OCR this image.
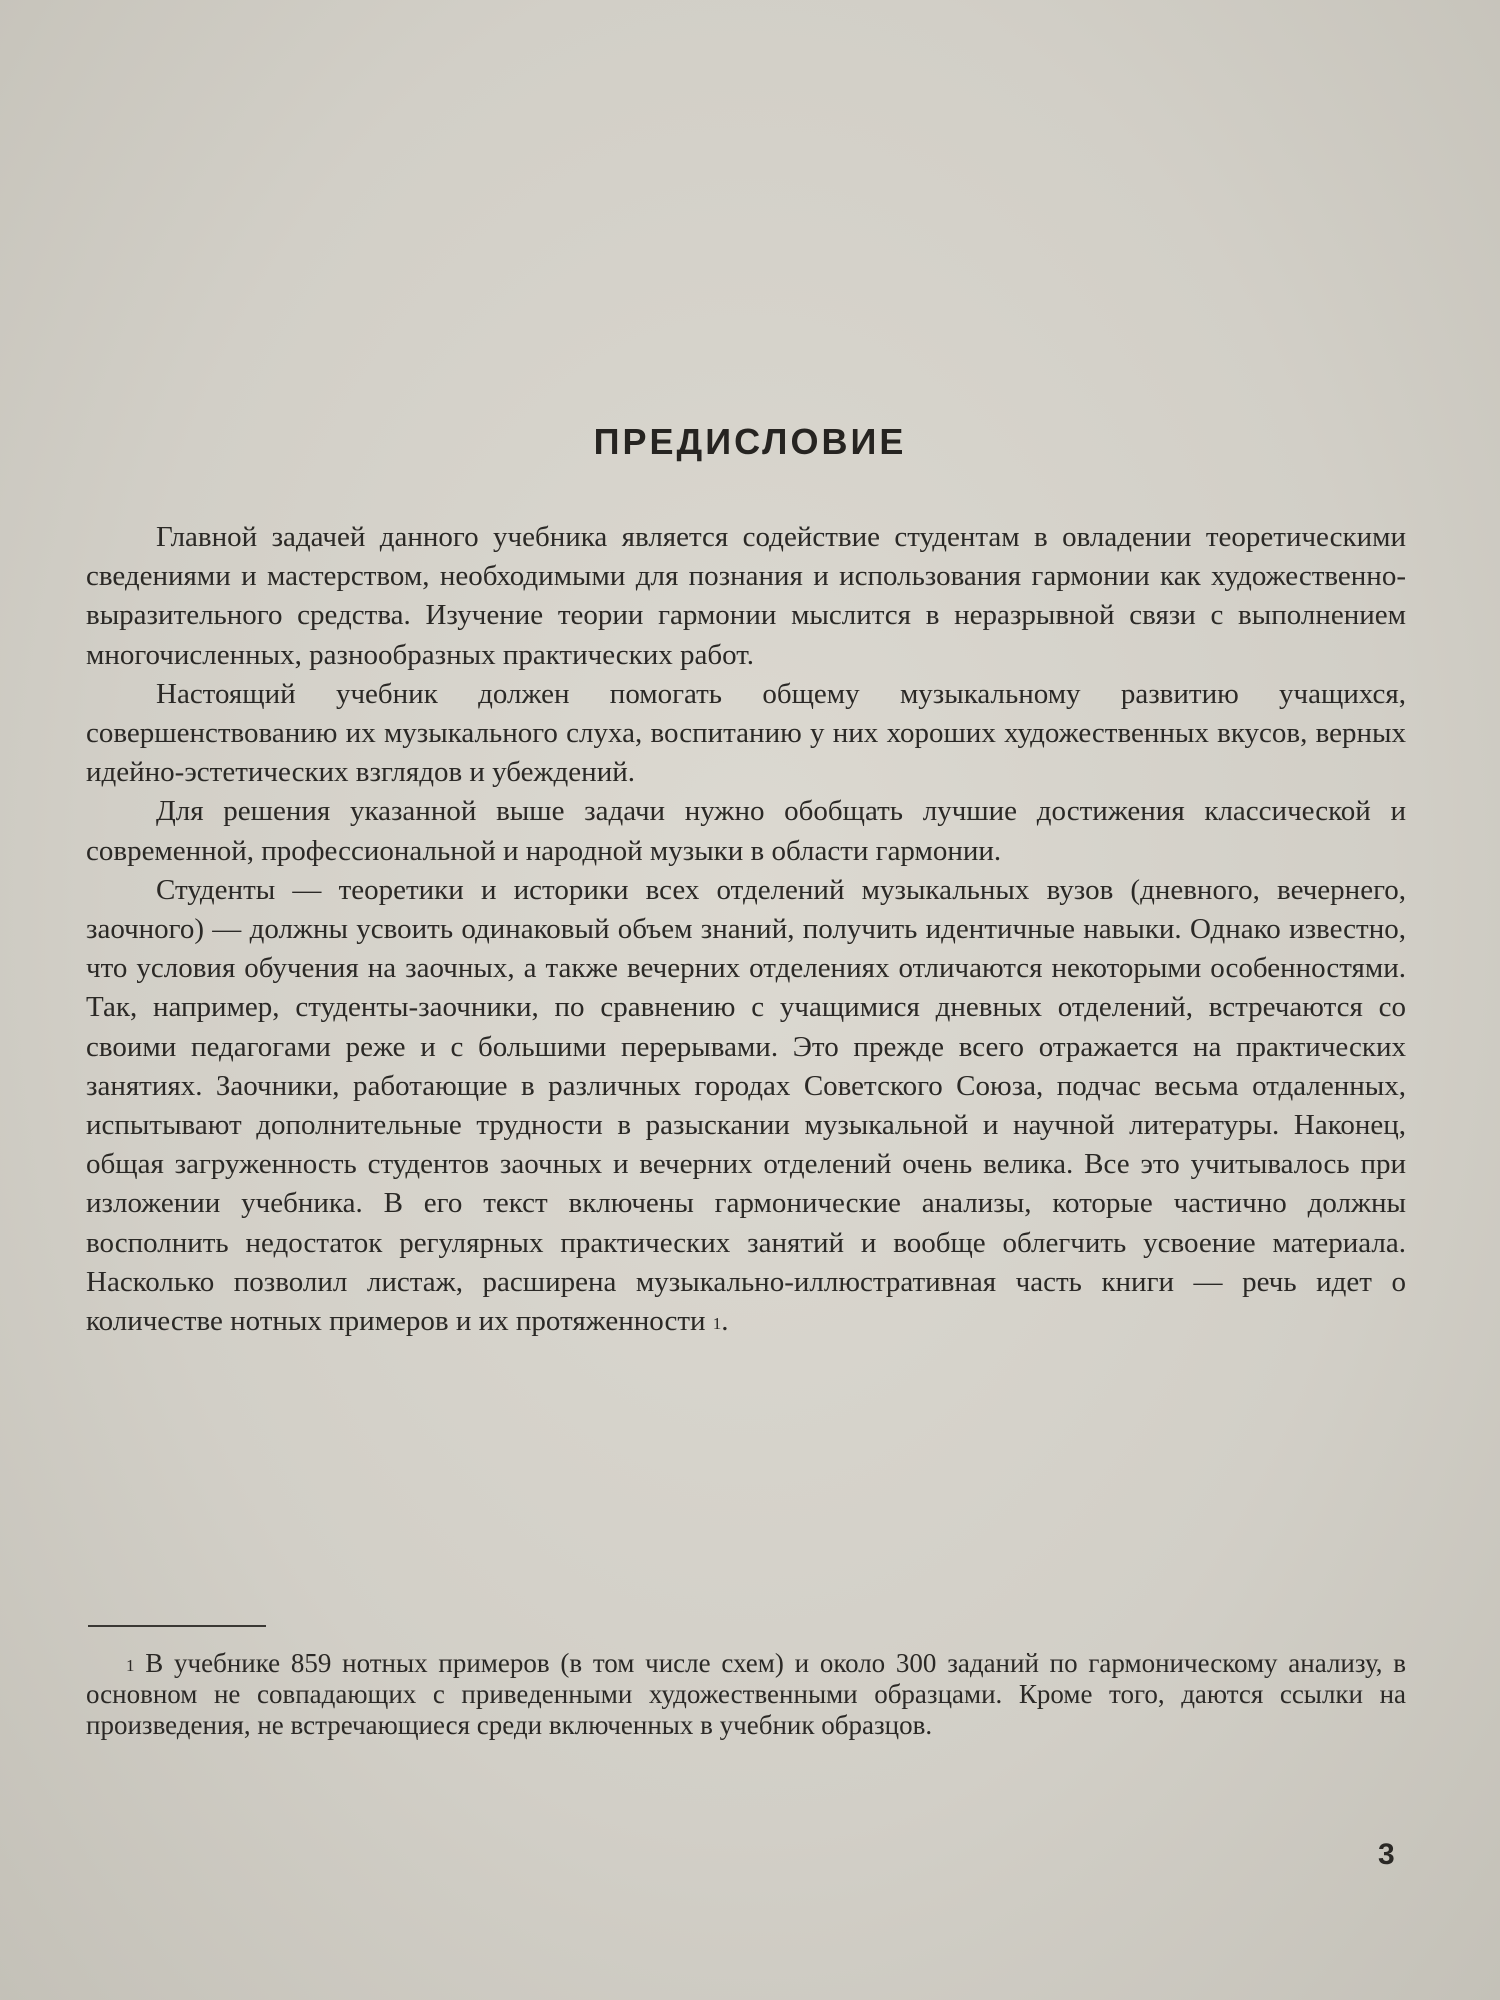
ПРЕДИСЛОВИЕ

Главной задачей данного учебника является содействие студентам в овладении теоретическими сведениями и мастерством, необходимыми для познания и использования гармонии как художественно-выразительного средства. Изучение теории гармонии мыслится в неразрывной связи с выполнением многочисленных, разнообразных практических работ.

Настоящий учебник должен помогать общему музыкальному развитию учащихся, совершенствованию их музыкального слуха, воспитанию у них хороших художественных вкусов, верных идейно-эстетических взглядов и убеждений.

Для решения указанной выше задачи нужно обобщать лучшие достижения классической и современной, профессиональной и народной музыки в области гармонии.

Студенты — теоретики и историки всех отделений музыкальных вузов (дневного, вечернего, заочного) — должны усвоить одинаковый объем знаний, получить идентичные навыки. Однако известно, что условия обучения на заочных, а также вечерних отделениях отличаются некоторыми особенностями. Так, например, студенты-заочники, по сравнению с учащимися дневных отделений, встречаются со своими педагогами реже и с большими перерывами. Это прежде всего отражается на практических занятиях. Заочники, работающие в различных городах Советского Союза, подчас весьма отдаленных, испытывают дополнительные трудности в разыскании музыкальной и научной литературы. Наконец, общая загруженность студентов заочных и вечерних отделений очень велика. Все это учитывалось при изложении учебника. В его текст включены гармонические анализы, которые частично должны восполнить недостаток регулярных практических занятий и вообще облегчить усвоение материала. Насколько позволил листаж, расширена музыкально-иллюстративная часть книги — речь идет о количестве нотных примеров и их протяженности $^1$.

$^1$ В учебнике 859 нотных примеров (в том числе схем) и около 300 заданий по гармоническому анализу, в основном не совпадающих с приведенными художественными образцами. Кроме того, даются ссылки на произведения, не встречающиеся среди включенных в учебник образцов.

3
